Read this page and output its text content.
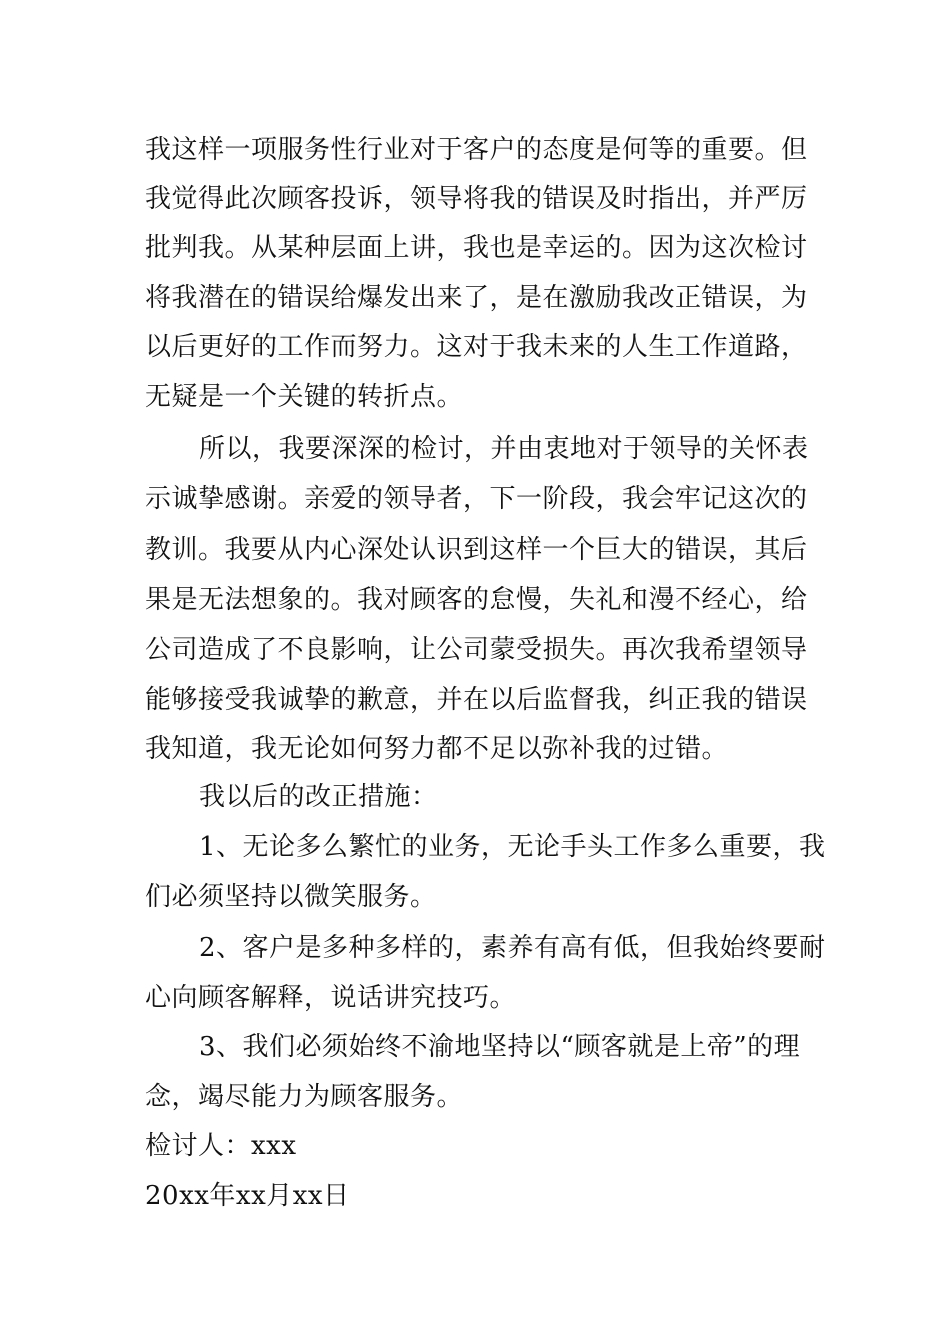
我这样一项服务性行业对于客户的态度是何等的重要。但
我觉得此次顾客投诉，领导将我的错误及时指出，并严厉
批判我。从某种层面上讲，我也是幸运的。因为这次检讨
将我潜在的错误给爆发出来了，是在激励我改正错误，为
以后更好的工作而努力。这对于我未来的人生工作道路，
无疑是一个关键的转折点。
所以，我要深深的检讨，并由衷地对于领导的关怀表
示诚挚感谢。亲爱的领导者，下一阶段，我会牢记这次的
教训。我要从内心深处认识到这样一个巨大的错误，其后
果是无法想象的。我对顾客的怠慢，失礼和漫不经心，给
公司造成了不良影响，让公司蒙受损失。再次我希望领导
能够接受我诚挚的歉意，并在以后监督我，纠正我的错误
我知道，我无论如何努力都不足以弥补我的过错。
我以后的改正措施：
1、无论多么繁忙的业务，无论手头工作多么重要，我
们必须坚持以微笑服务。
2、客户是多种多样的，素养有高有低，但我始终要耐
心向顾客解释，说话讲究技巧。
3、我们必须始终不渝地坚持以“顾客就是上帝”的理
念，竭尽能力为顾客服务。
检讨人：xxx
20xx年xx月xx日
